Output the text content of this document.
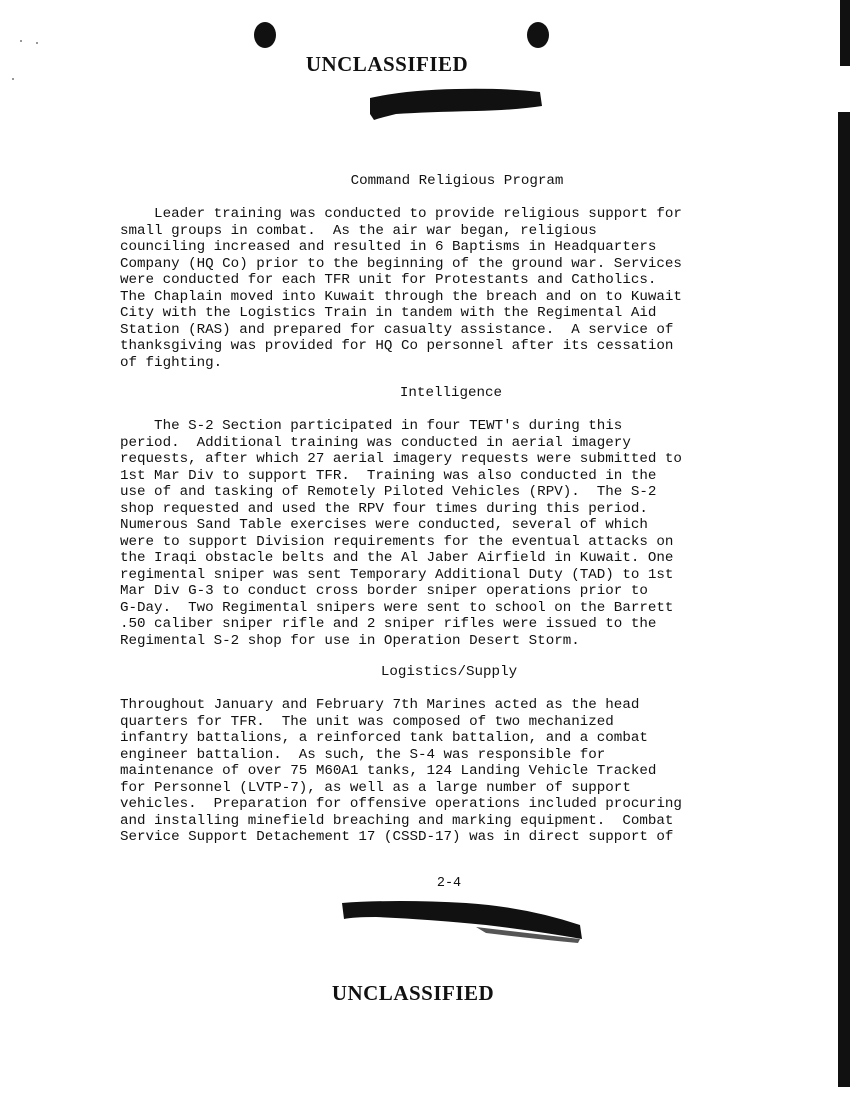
UNCLASSIFIED
Command Religious Program

Leader training was conducted to provide religious support for
small groups in combat.  As the air war began, religious
counciling increased and resulted in 6 Baptisms in Headquarters
Company (HQ Co) prior to the beginning of the ground war. Services
were conducted for each TFR unit for Protestants and Catholics.
The Chaplain moved into Kuwait through the breach and on to Kuwait
City with the Logistics Train in tandem with the Regimental Aid
Station (RAS) and prepared for casualty assistance.  A service of
thanksgiving was provided for HQ Co personnel after its cessation
of fighting.

Intelligence

The S-2 Section participated in four TEWT's during this
period.  Additional training was conducted in aerial imagery
requests, after which 27 aerial imagery requests were submitted to
1st Mar Div to support TFR.  Training was also conducted in the
use of and tasking of Remotely Piloted Vehicles (RPV).  The S-2
shop requested and used the RPV four times during this period.
Numerous Sand Table exercises were conducted, several of which
were to support Division requirements for the eventual attacks on
the Iraqi obstacle belts and the Al Jaber Airfield in Kuwait. One
regimental sniper was sent Temporary Additional Duty (TAD) to 1st
Mar Div G-3 to conduct cross border sniper operations prior to
G-Day.  Two Regimental snipers were sent to school on the Barrett
.50 caliber sniper rifle and 2 sniper rifles were issued to the
Regimental S-2 shop for use in Operation Desert Storm.

Logistics/Supply

Throughout January and February 7th Marines acted as the head
quarters for TFR.  The unit was composed of two mechanized
infantry battalions, a reinforced tank battalion, and a combat
engineer battalion.  As such, the S-4 was responsible for
maintenance of over 75 M60A1 tanks, 124 Landing Vehicle Tracked
for Personnel (LVTP-7), as well as a large number of support
vehicles.  Preparation for offensive operations included procuring
and installing minefield breaching and marking equipment.  Combat
Service Support Detachement 17 (CSSD-17) was in direct support of

2-4
UNCLASSIFIED
